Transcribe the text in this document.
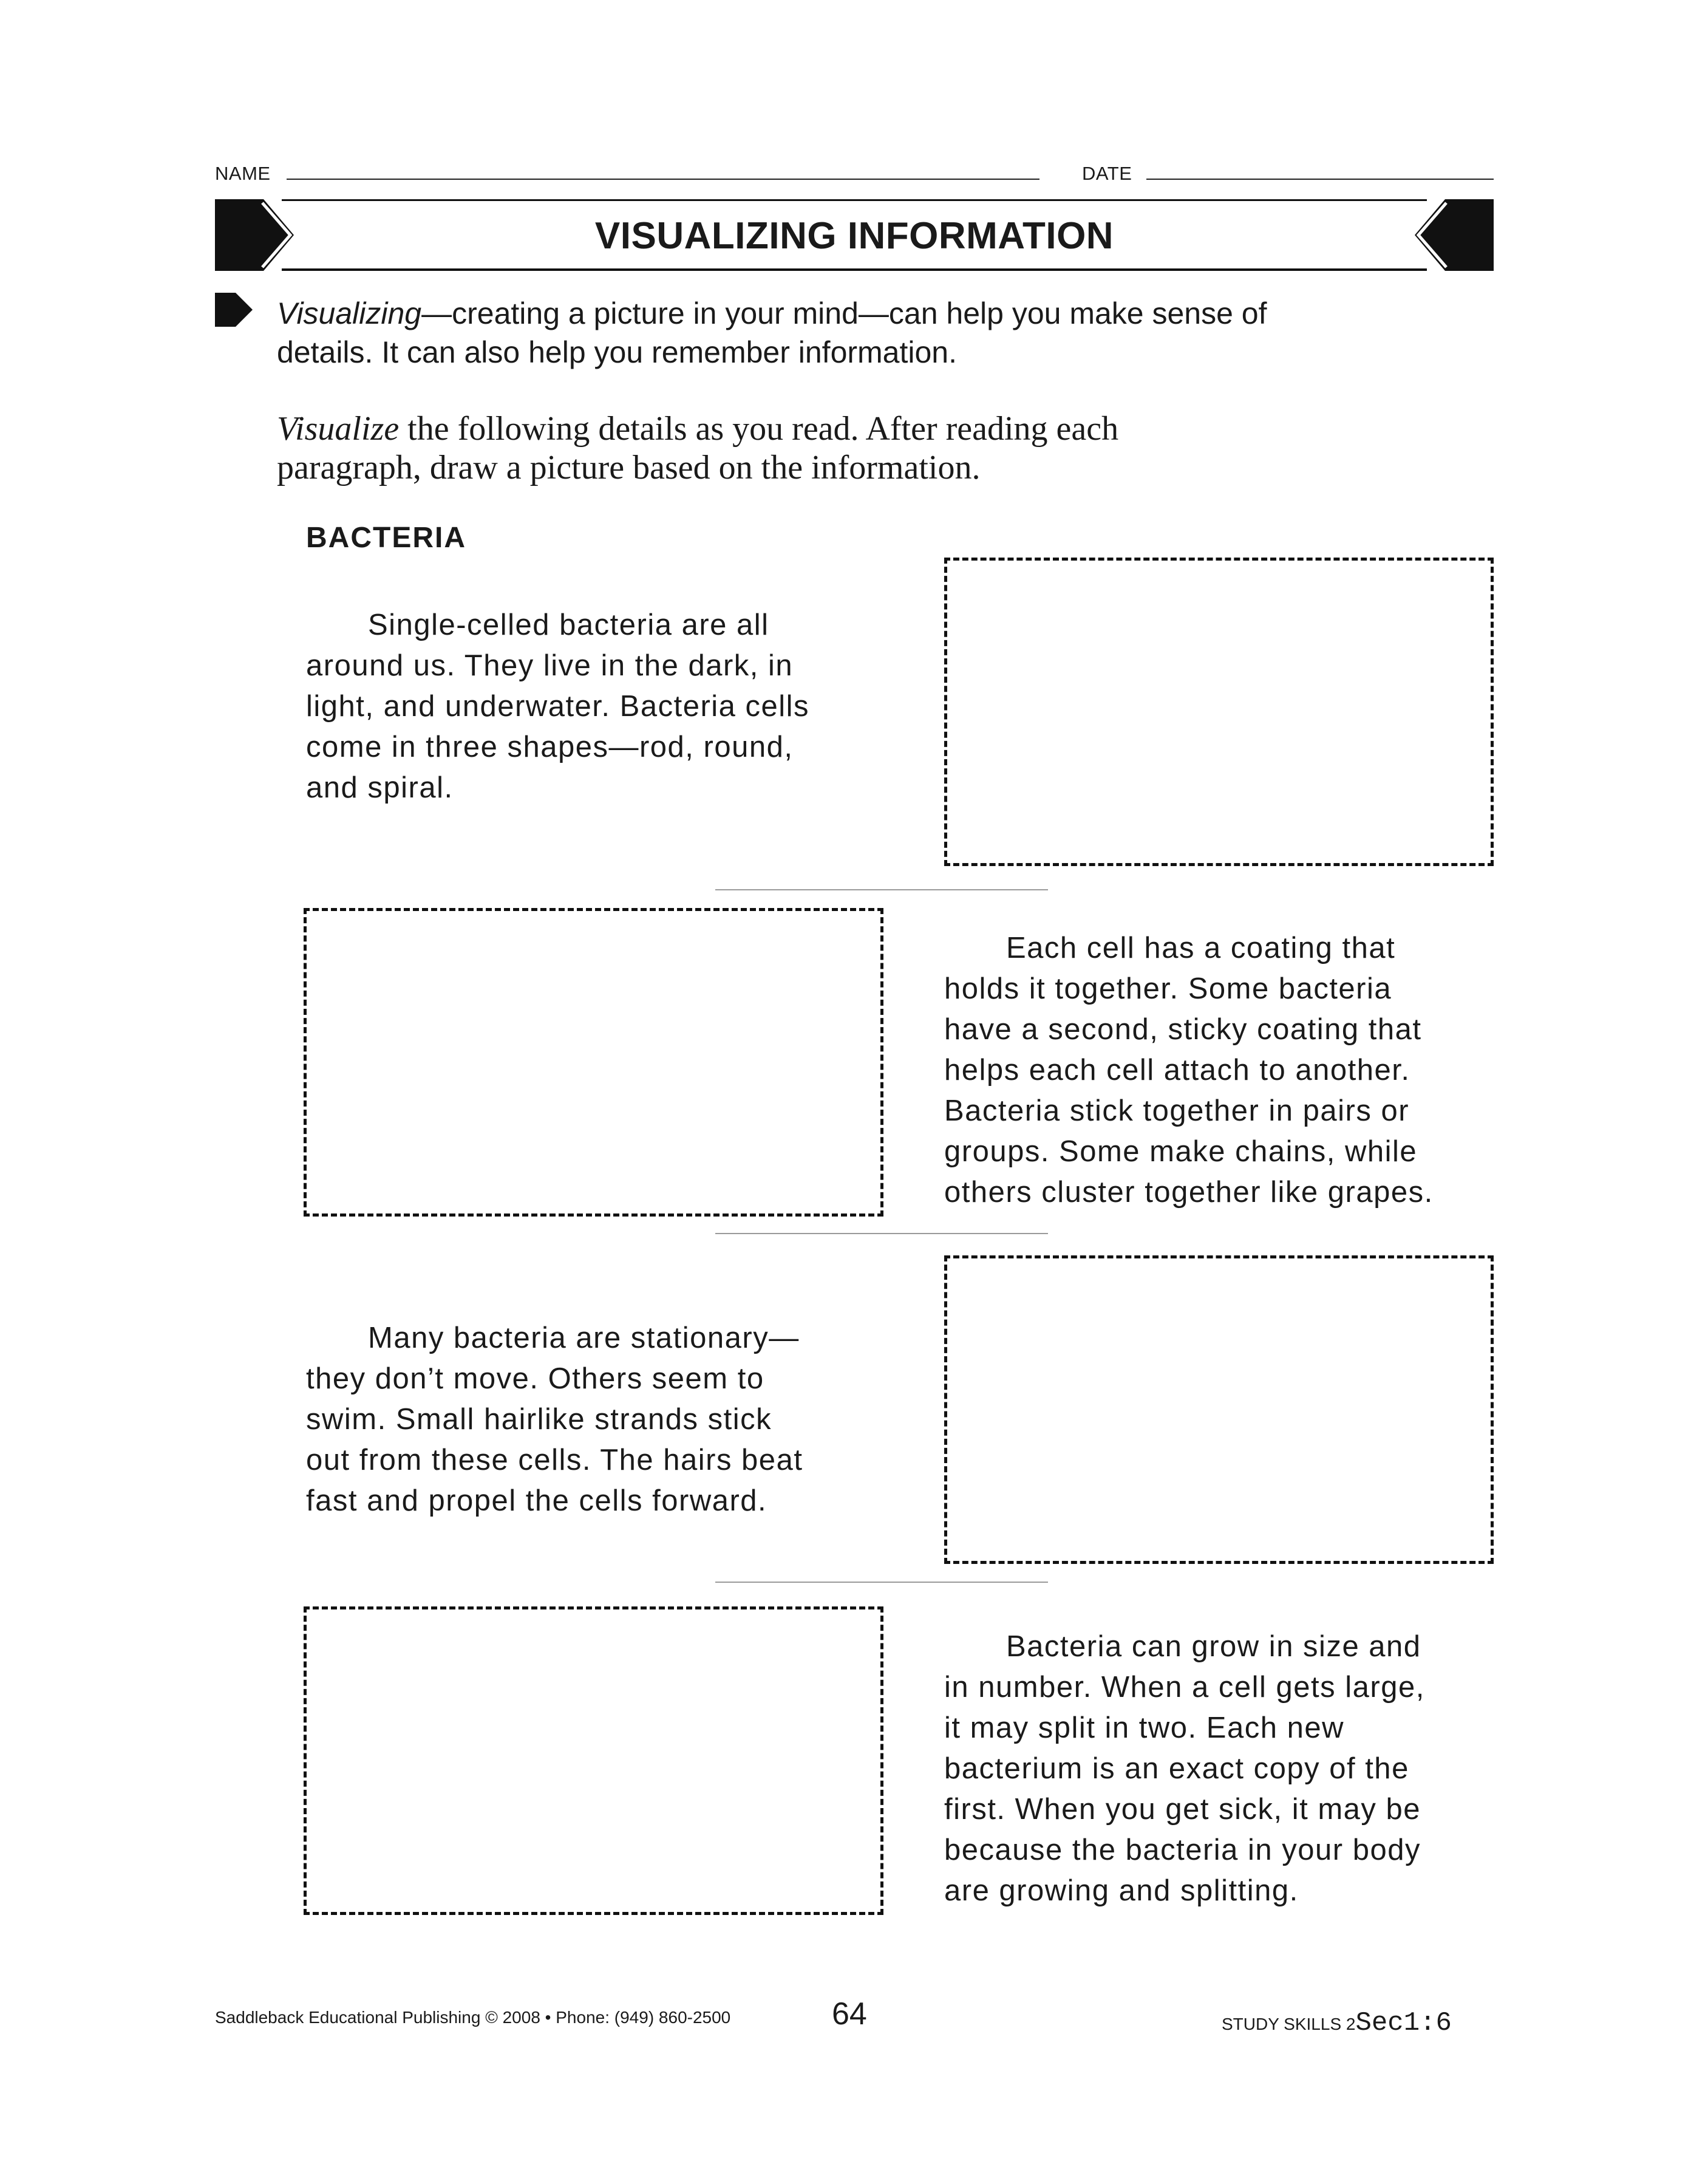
NAME	DATE
VISUALIZING INFORMATION
Visualizing—creating a picture in your mind—can help you make sense of
details. It can also help you remember information.
Visualize the following details as you read. After reading each
paragraph, draw a picture based on the information.
BACTERIA
Single-celled bacteria are all
around us. They live in the dark, in
light, and underwater. Bacteria cells
come in three shapes—rod, round,
and spiral.
Each cell has a coating that
holds it together. Some bacteria
have a second, sticky coating that
helps each cell attach to another.
Bacteria stick together in pairs or
groups. Some make chains, while
others cluster together like grapes.
Many bacteria are stationary—
they don’t move. Others seem to
swim. Small hairlike strands stick
out from these cells. The hairs beat
fast and propel the cells forward.
Bacteria can grow in size and
in number. When a cell gets large,
it may split in two. Each new
bacterium is an exact copy of the
first. When you get sick, it may be
because the bacteria in your body
are growing and splitting.
Saddleback Educational Publishing © 2008 • Phone: (949) 860-2500	64	STUDY SKILLS 2Sec1:6
